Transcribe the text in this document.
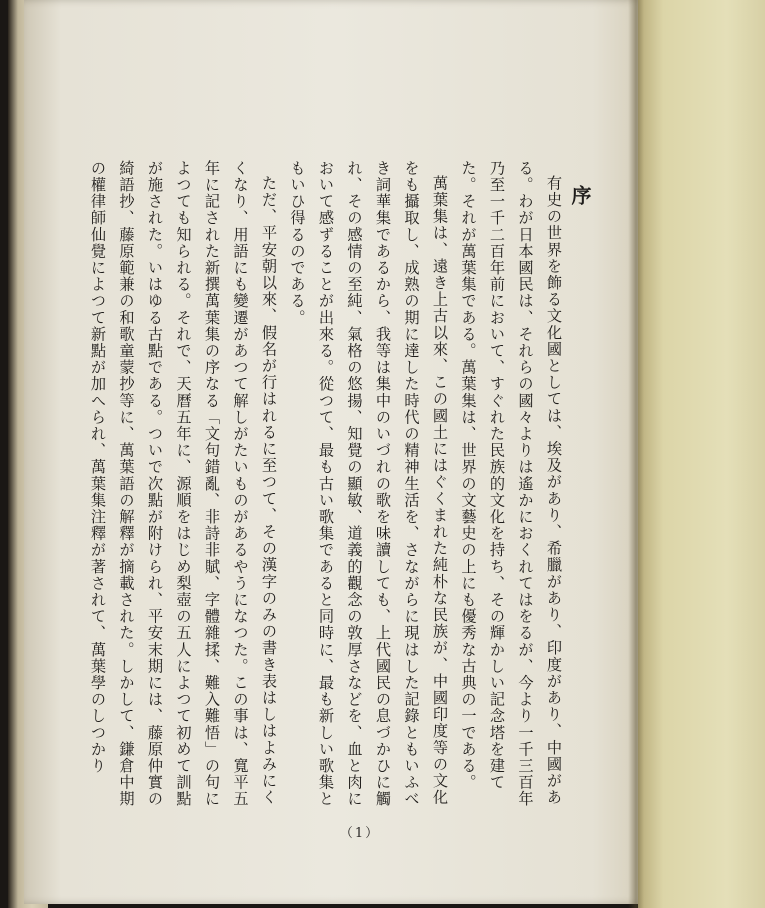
序

有史の世界を飾る文化國としては、埃及があり、希臘があり、印度があり、中國がある。わが日本國民は、それらの國々よりは遙かにおくれてはをるが、今より一千三百年乃至一千二百年前において、すぐれた民族的文化を持ち、その輝かしい記念塔を建てた。それが萬葉集である。萬葉集は、世界の文藝史の上にも優秀な古典の一である。

萬葉集は、遠き上古以來、この國土にはぐくまれた純朴な民族が、中國印度等の文化をも攝取し、成熟の期に達した時代の精神生活を、さながらに現はした記錄ともいふべき詞華集であるから、我等は集中のいづれの歌を味讀しても、上代國民の息づかひに觸れ、その感情の至純、氣格の悠揚、知覺の顯敏、道義的觀念の敦厚さなどを、血と肉において感ずることが出來る。從つて、最も古い歌集であると同時に、最も新しい歌集ともいひ得るのである。

ただ、平安朝以來、假名が行はれるに至つて、その漢字のみの書き表はしはよみにくくなり、用語にも變遷があつて解しがたいものがあるやうになつた。この事は、寬平五年に記された新撰萬葉集の序なる「文句錯亂、非詩非賦、字體雜揉、難入難悟」の句によつても知られる。それで、天曆五年に、源順をはじめ梨壺の五人によつて初めて訓點が施された。いはゆる古點である。ついで次點が附けられ、平安末期には、藤原仲實の綺語抄、藤原範兼の和歌童蒙抄等に、萬葉語の解釋が摘載された。しかして、鎌倉中期の權律師仙覺によつて新點が加へられ、萬葉集注釋が著されて、萬葉學のしつかり

（1）
